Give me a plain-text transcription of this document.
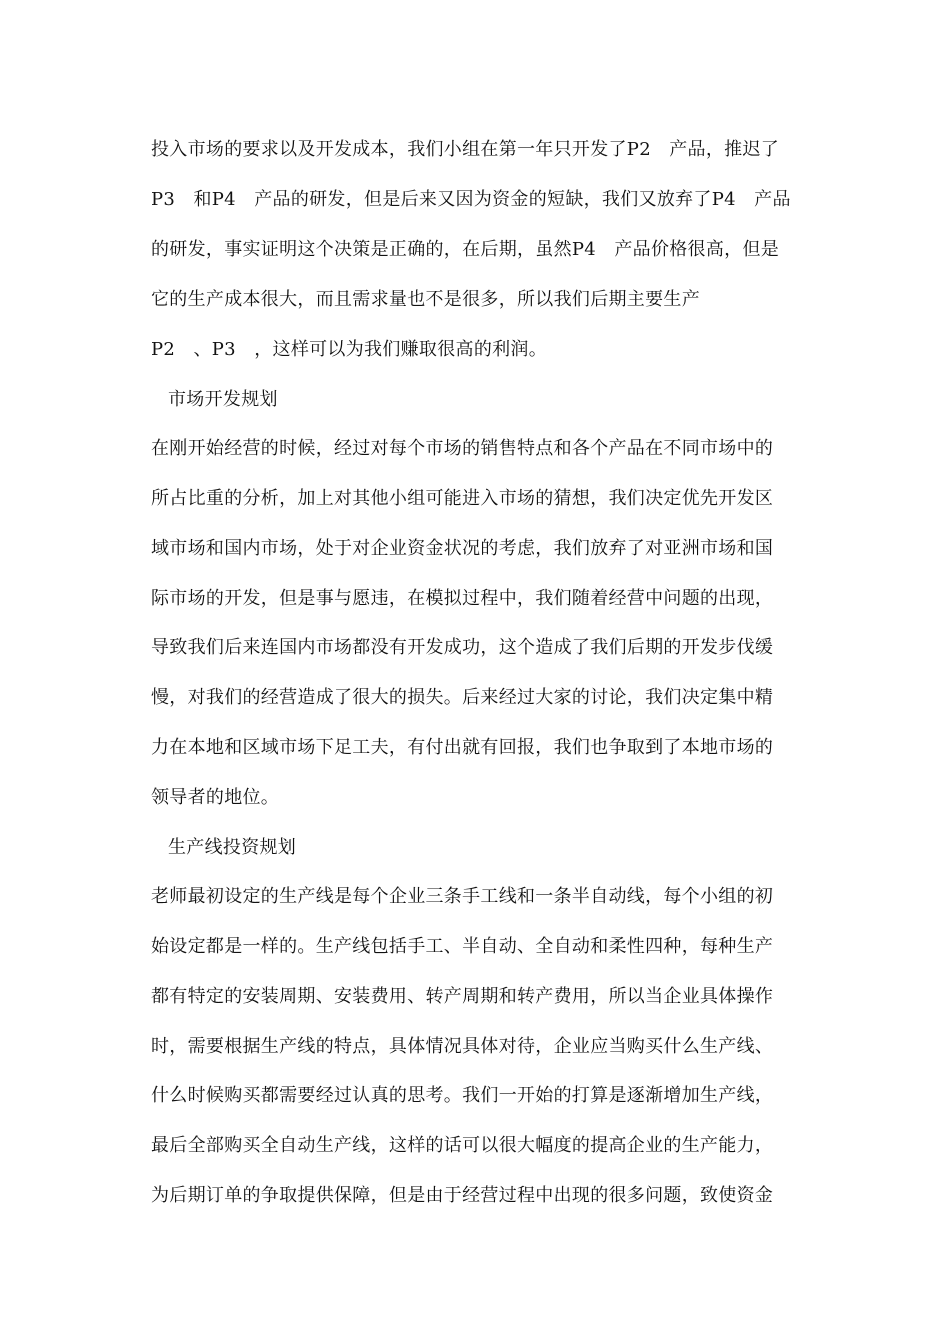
投入市场的要求以及开发成本，我们小组在第一年只开发了P2　产品，推迟了
P3　和P4　产品的研发，但是后来又因为资金的短缺，我们又放弃了P4　产品
的研发，事实证明这个决策是正确的，在后期，虽然P4　产品价格很高，但是
它的生产成本很大，而且需求量也不是很多，所以我们后期主要生产
P2　、P3　，这样可以为我们赚取很高的利润。
市场开发规划
在刚开始经营的时候，经过对每个市场的销售特点和各个产品在不同市场中的
所占比重的分析，加上对其他小组可能进入市场的猜想，我们决定优先开发区
域市场和国内市场，处于对企业资金状况的考虑，我们放弃了对亚洲市场和国
际市场的开发，但是事与愿违，在模拟过程中，我们随着经营中问题的出现，
导致我们后来连国内市场都没有开发成功，这个造成了我们后期的开发步伐缓
慢，对我们的经营造成了很大的损失。后来经过大家的讨论，我们决定集中精
力在本地和区域市场下足工夫，有付出就有回报，我们也争取到了本地市场的
领导者的地位。
生产线投资规划
老师最初设定的生产线是每个企业三条手工线和一条半自动线，每个小组的初
始设定都是一样的。生产线包括手工、半自动、全自动和柔性四种，每种生产
都有特定的安装周期、安装费用、转产周期和转产费用，所以当企业具体操作
时，需要根据生产线的特点，具体情况具体对待，企业应当购买什么生产线、
什么时候购买都需要经过认真的思考。我们一开始的打算是逐渐增加生产线，
最后全部购买全自动生产线，这样的话可以很大幅度的提高企业的生产能力，
为后期订单的争取提供保障，但是由于经营过程中出现的很多问题，致使资金
